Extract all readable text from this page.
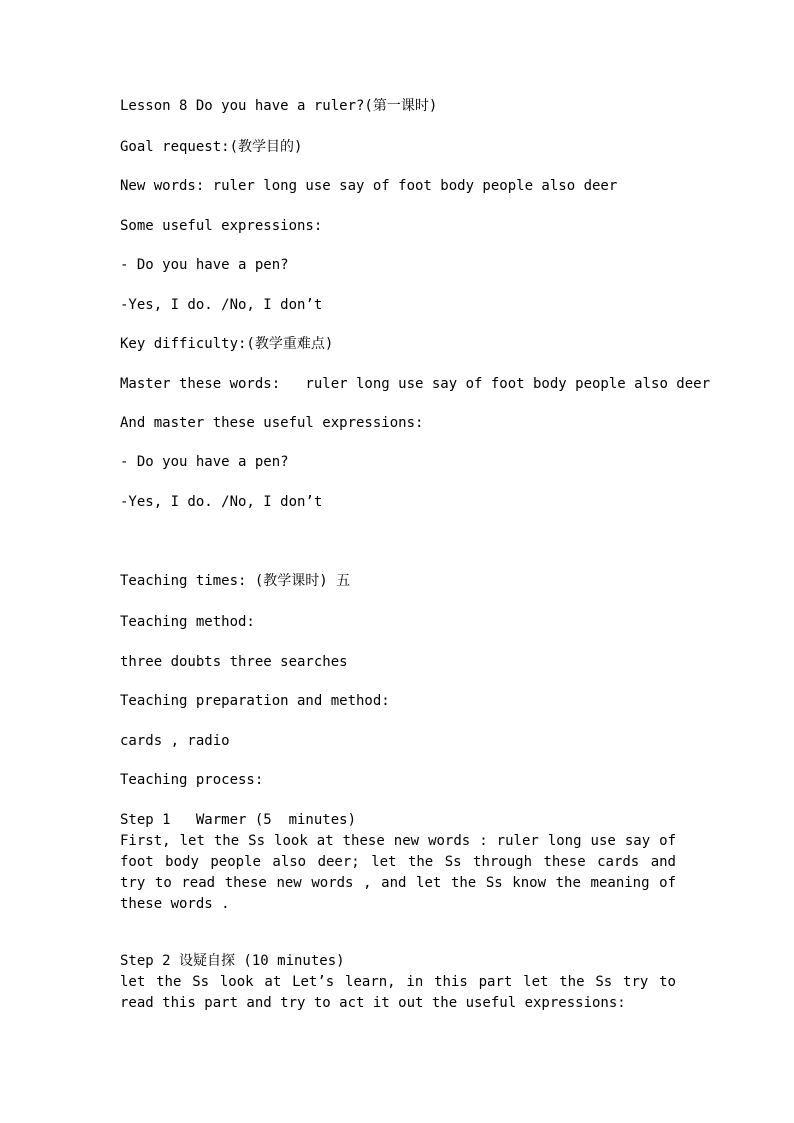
Lesson 8 Do you have a ruler?(第一课时)
Goal request:(教学目的)
New words: ruler long use say of foot body people also deer
Some useful expressions:
- Do you have a pen?
-Yes, I do. /No, I don’t
Key difficulty:(教学重难点)
Master these words:   ruler long use say of foot body people also deer
And master these useful expressions:
- Do you have a pen?
-Yes, I do. /No, I don’t
Teaching times: (教学课时) 五
Teaching method:
three doubts three searches
Teaching preparation and method:
cards , radio
Teaching process:
Step 1   Warmer (5  minutes)
First, let the Ss look at these new words : ruler long use say of foot body people also deer; let the Ss through these cards and try to read these new words , and let the Ss know the meaning of these words .
Step 2 设疑自探 (10 minutes)
let the Ss look at Let’s learn, in this part let the Ss try to read this part and try to act it out the useful expressions:
